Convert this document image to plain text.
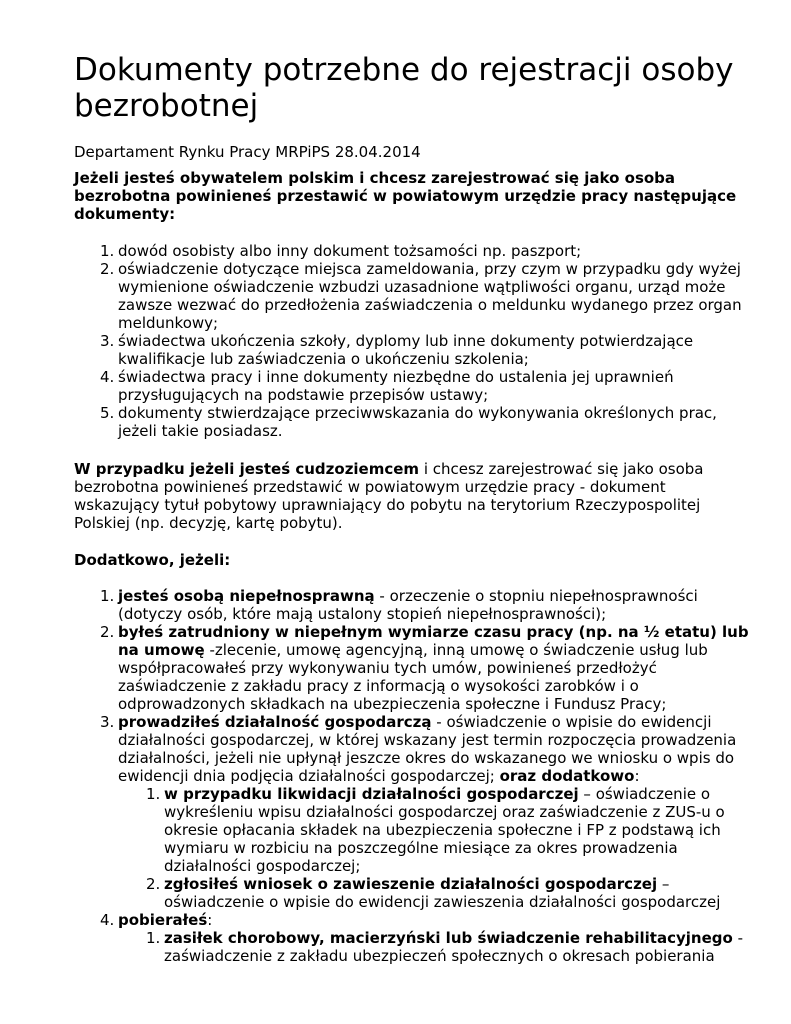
Dokumenty potrzebne do rejestracji osoby bezrobotnej
Departament Rynku Pracy MRPiPS 28.04.2014
Jeżeli jesteś obywatelem polskim i chcesz zarejestrować się jako osoba bezrobotna powinieneś przestawić w powiatowym urzędzie pracy następujące dokumenty:
1. dowód osobisty albo inny dokument tożsamości np. paszport;
2. oświadczenie dotyczące miejsca zameldowania, przy czym w przypadku gdy wyżej wymienione oświadczenie wzbudzi uzasadnione wątpliwości organu, urząd może zawsze wezwać do przedłożenia zaświadczenia o meldunku wydanego przez organ meldunkowy;
3. świadectwa ukończenia szkoły, dyplomy lub inne dokumenty potwierdzające kwalifikacje lub zaświadczenia o ukończeniu szkolenia;
4. świadectwa pracy i inne dokumenty niezbędne do ustalenia jej uprawnień przysługujących na podstawie przepisów ustawy;
5. dokumenty stwierdzające przeciwwskazania do wykonywania określonych prac, jeżeli takie posiadasz.
W przypadku jeżeli jesteś cudzoziemcem i chcesz zarejestrować się jako osoba bezrobotna powinieneś przedstawić w powiatowym urzędzie pracy - dokument wskazujący tytuł pobytowy uprawniający do pobytu na terytorium Rzeczypospolitej Polskiej (np. decyzję, kartę pobytu).
Dodatkowo, jeżeli:
1. jesteś osobą niepełnosprawną - orzeczenie o stopniu niepełnosprawności (dotyczy osób, które mają ustalony stopień niepełnosprawności);
2. byłeś zatrudniony w niepełnym wymiarze czasu pracy (np. na ½ etatu) lub na umowę -zlecenie, umowę agencyjną, inną umowę o świadczenie usług lub współpracowałeś przy wykonywaniu tych umów, powinieneś przedłożyć zaświadczenie z zakładu pracy z informacją o wysokości zarobków i o odprowadzonych składkach na ubezpieczenia społeczne i Fundusz Pracy;
3. prowadziłeś działalność gospodarczą - oświadczenie o wpisie do ewidencji działalności gospodarczej, w której wskazany jest termin rozpoczęcia prowadzenia działalności, jeżeli nie upłynął jeszcze okres do wskazanego we wniosku o wpis do ewidencji dnia podjęcia działalności gospodarczej; oraz dodatkowo:
1. w przypadku likwidacji działalności gospodarczej – oświadczenie o wykreśleniu wpisu działalności gospodarczej oraz zaświadczenie z ZUS-u o okresie opłacania składek na ubezpieczenia społeczne i FP z podstawą ich wymiaru w rozbiciu na poszczególne miesiące za okres prowadzenia działalności gospodarczej;
2. zgłosiłeś wniosek o zawieszenie działalności gospodarczej – oświadczenie o wpisie do ewidencji zawieszenia działalności gospodarczej
4. pobierałeś:
1. zasiłek chorobowy, macierzyński lub świadczenie rehabilitacyjnego - zaświadczenie z zakładu ubezpieczeń społecznych o okresach pobierania
